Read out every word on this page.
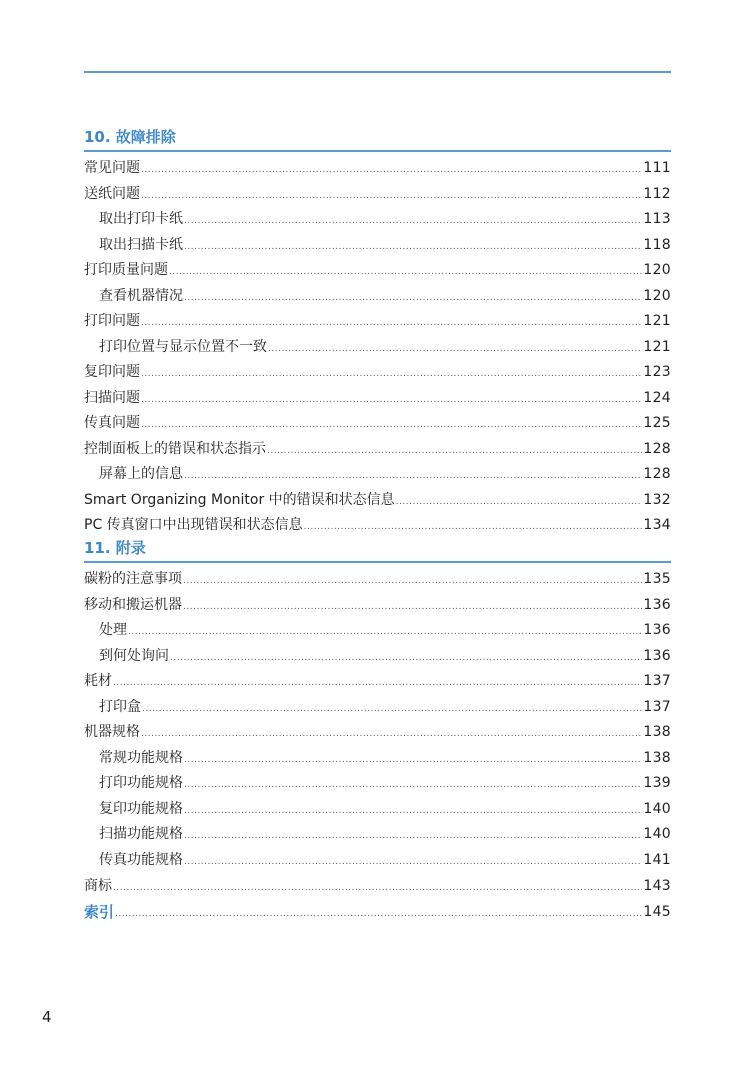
10. 故障排除
常见问题 .....	111
送纸问题 .....	112
取出打印卡纸 .....	113
取出扫描卡纸 .....	118
打印质量问题 .....	120
查看机器情况 .....	120
打印问题 .....	121
打印位置与显示位置不一致 .....	121
复印问题 .....	123
扫描问题 .....	124
传真问题 .....	125
控制面板上的错误和状态指示 .....	128
屏幕上的信息 .....	128
Smart Organizing Monitor 中的错误和状态信息 .....	132
PC 传真窗口中出现错误和状态信息 .....	134
11. 附录
碳粉的注意事项 .....	135
移动和搬运机器 .....	136
处理 .....	136
到何处询问 .....	136
耗材 .....	137
打印盒 .....	137
机器规格 .....	138
常规功能规格 .....	138
打印功能规格 .....	139
复印功能规格 .....	140
扫描功能规格 .....	140
传真功能规格 .....	141
商标 .....	143
索引 .....	145
4
